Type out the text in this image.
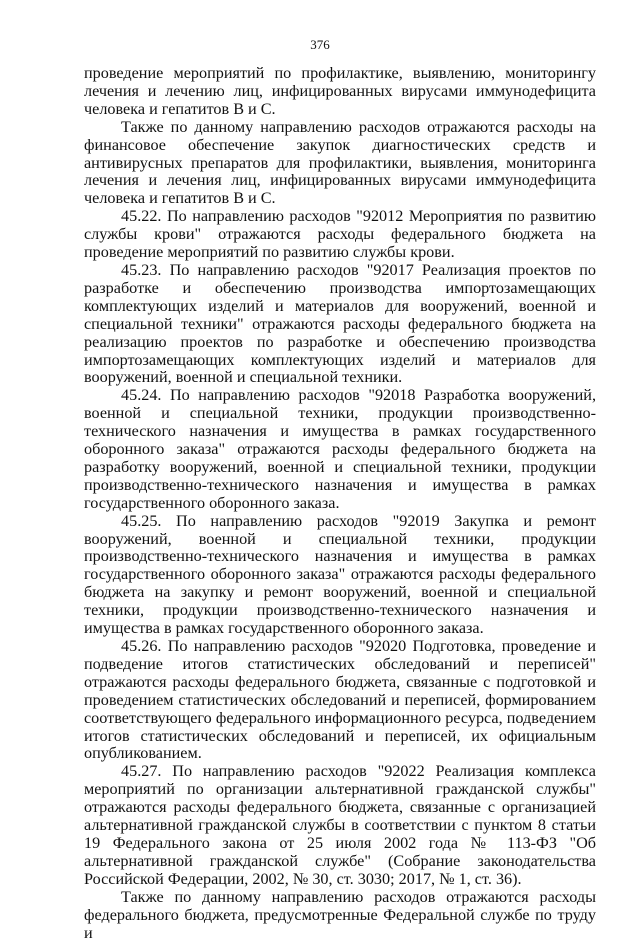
376

проведение мероприятий по профилактике, выявлению, мониторингу лечения и лечению лиц, инфицированных вирусами иммунодефицита человека и гепатитов В и С.

Также по данному направлению расходов отражаются расходы на финансовое обеспечение закупок диагностических средств и антивирусных препаратов для профилактики, выявления, мониторинга лечения и лечения лиц, инфицированных вирусами иммунодефицита человека и гепатитов В и С.

45.22. По направлению расходов "92012 Мероприятия по развитию службы крови" отражаются расходы федерального бюджета на проведение мероприятий по развитию службы крови.

45.23. По направлению расходов "92017 Реализация проектов по разработке и обеспечению производства импортозамещающих комплектующих изделий и материалов для вооружений, военной и специальной техники" отражаются расходы федерального бюджета на реализацию проектов по разработке и обеспечению производства импортозамещающих комплектующих изделий и материалов для вооружений, военной и специальной техники.

45.24. По направлению расходов "92018 Разработка вооружений, военной и специальной техники, продукции производственно-технического назначения и имущества в рамках государственного оборонного заказа" отражаются расходы федерального бюджета на разработку вооружений, военной и специальной техники, продукции производственно-технического назначения и имущества в рамках государственного оборонного заказа.

45.25. По направлению расходов "92019 Закупка и ремонт вооружений, военной и специальной техники, продукции производственно-технического назначения и имущества в рамках государственного оборонного заказа" отражаются расходы федерального бюджета на закупку и ремонт вооружений, военной и специальной техники, продукции производственно-технического назначения и имущества в рамках государственного оборонного заказа.

45.26. По направлению расходов "92020 Подготовка, проведение и подведение итогов статистических обследований и переписей" отражаются расходы федерального бюджета, связанные с подготовкой и проведением статистических обследований и переписей, формированием соответствующего федерального информационного ресурса, подведением итогов статистических обследований и переписей, их официальным опубликованием.

45.27. По направлению расходов "92022 Реализация комплекса мероприятий по организации альтернативной гражданской службы" отражаются расходы федерального бюджета, связанные с организацией альтернативной гражданской службы в соответствии с пунктом 8 статьи 19 Федерального закона от 25 июля 2002 года № 113-ФЗ "Об альтернативной гражданской службе" (Собрание законодательства Российской Федерации, 2002, № 30, ст. 3030; 2017, № 1, ст. 36).

Также по данному направлению расходов отражаются расходы федерального бюджета, предусмотренные Федеральной службе по труду и
